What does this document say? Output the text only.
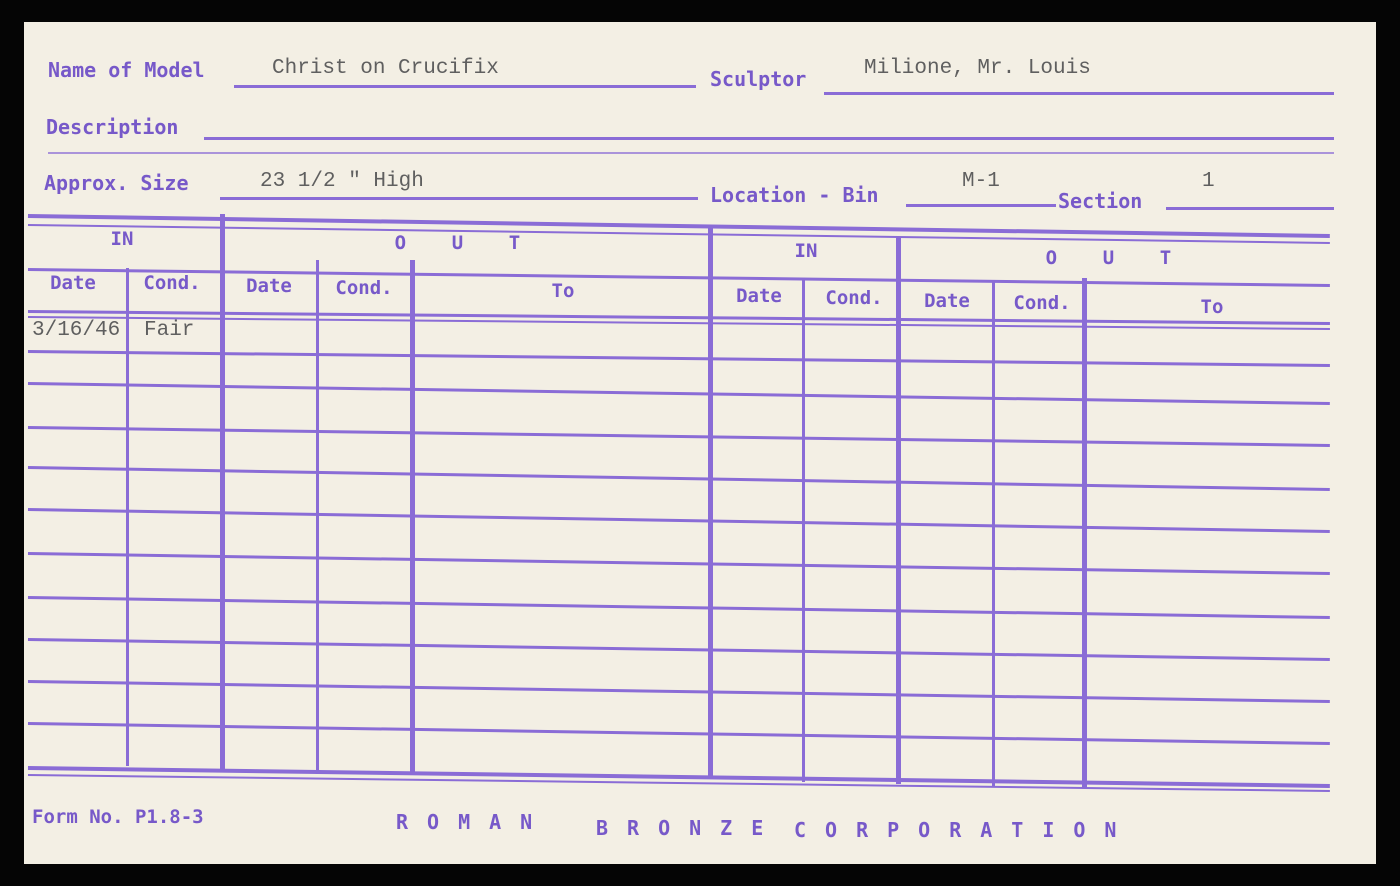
Name of Model	Christ on Crucifix	Sculptor	Milione, Mr. Louis
Description
Approx. Size	23 1/2 " High
Location - Bin
M-1
Section
1
IN	O U T	IN	O U T
Date	Cond.	Date	Cond.	To	Date	Cond.	Date	Cond.	To
3/16/46 Fair
Form No. P1.8-3	ROMAN BRONZE CORPORATION
